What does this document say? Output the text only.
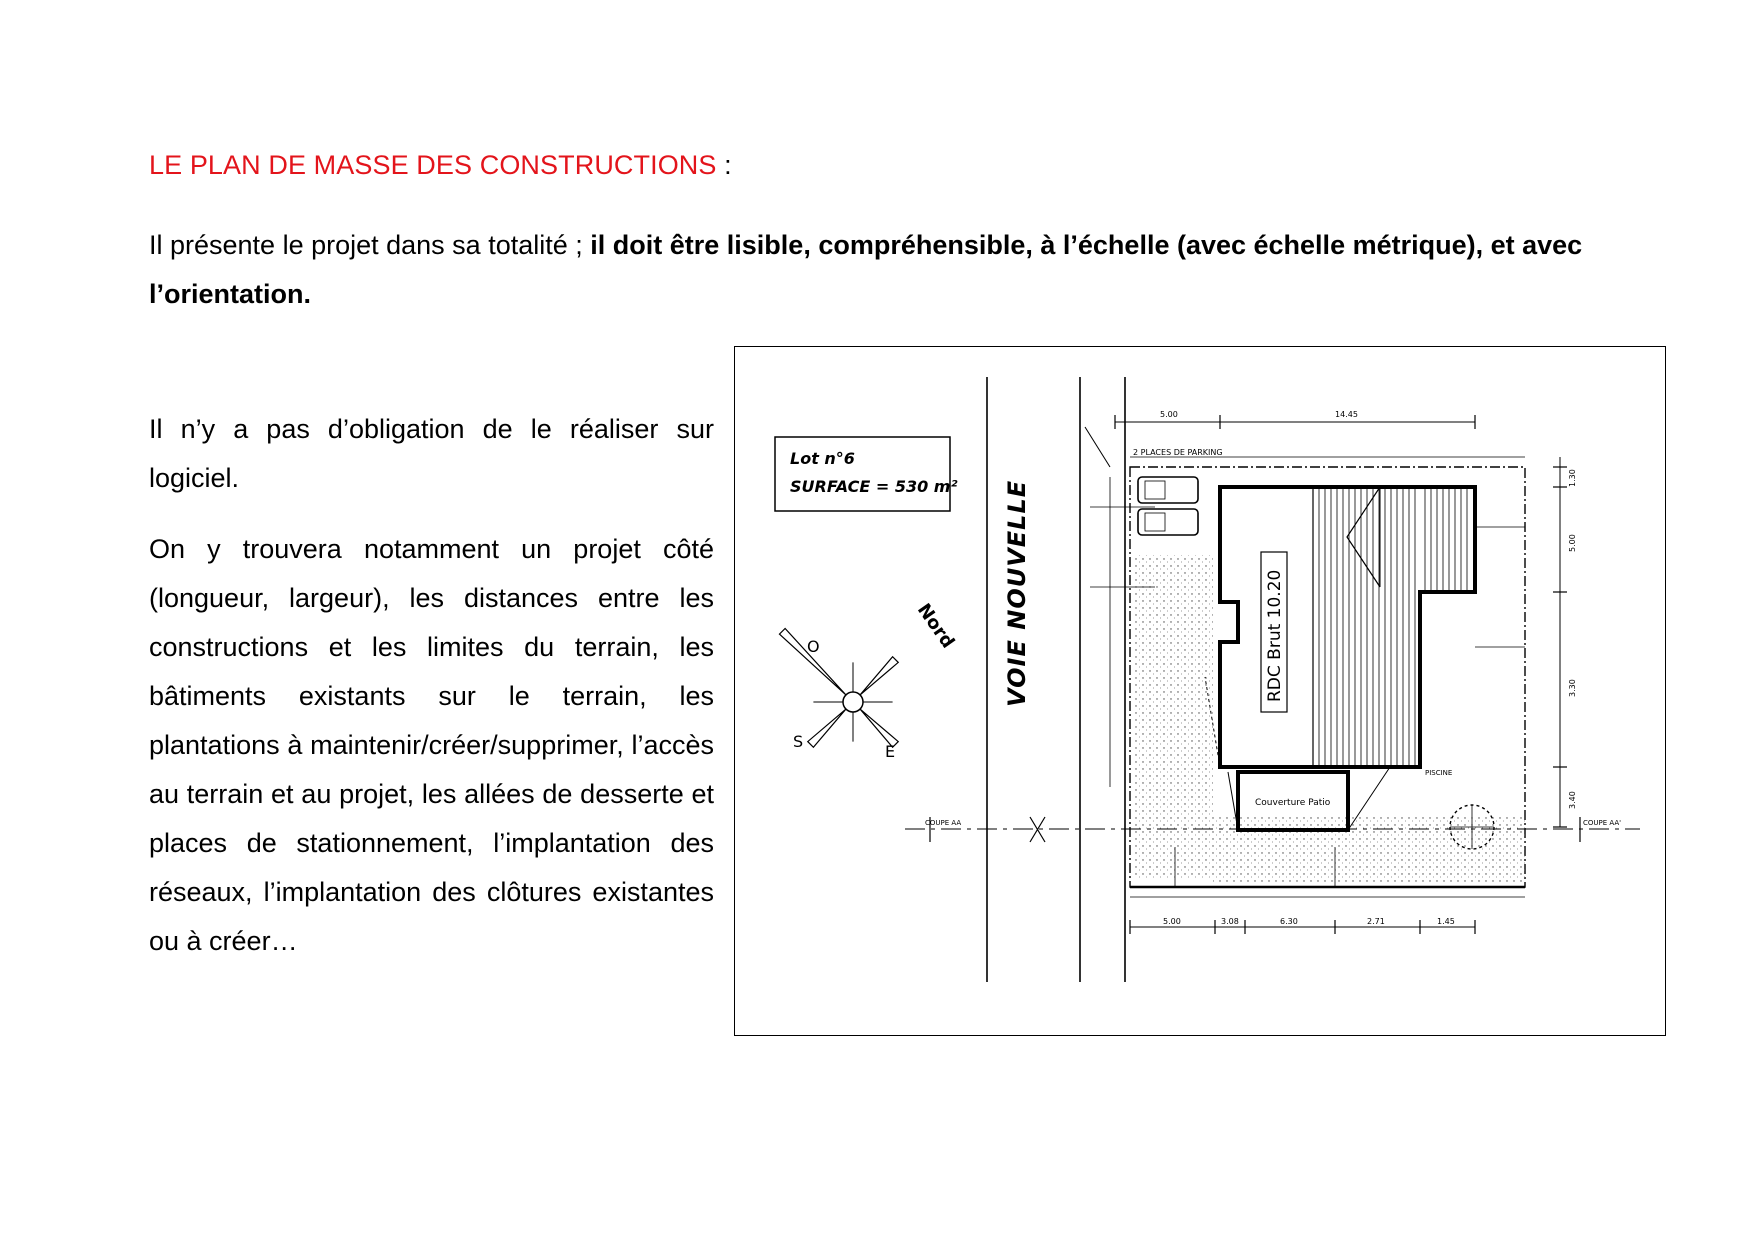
LE PLAN DE MASSE DES CONSTRUCTIONS :
Il présente le projet dans sa totalité ; il doit être lisible, compréhensible, à l’échelle (avec échelle métrique), et avec l’orientation.

Il n’y a pas d’obligation de le réaliser sur logiciel.

On y trouvera notamment un projet côté (longueur, largeur), les distances entre les constructions et les limites du terrain, les bâtiments existants sur le terrain, les plantations à maintenir/créer/supprimer, l’accès au terrain et au projet, les allées de desserte et places de stationnement, l’implantation des réseaux, l’implantation des clôtures existantes ou à créer…

Lot n°6
SURFACE = 530 m² VOIE NOUVELLE
Nord
O
S
E
RDC Brut 10.20
Couverture Patio
2 PLACES DE PARKING
COUPE AA	COUPE AA'
PISCINE
5.00	14.45
5.00	3.08	6.30	2.71	1.45
1.30
5.00
3.30
3.40
